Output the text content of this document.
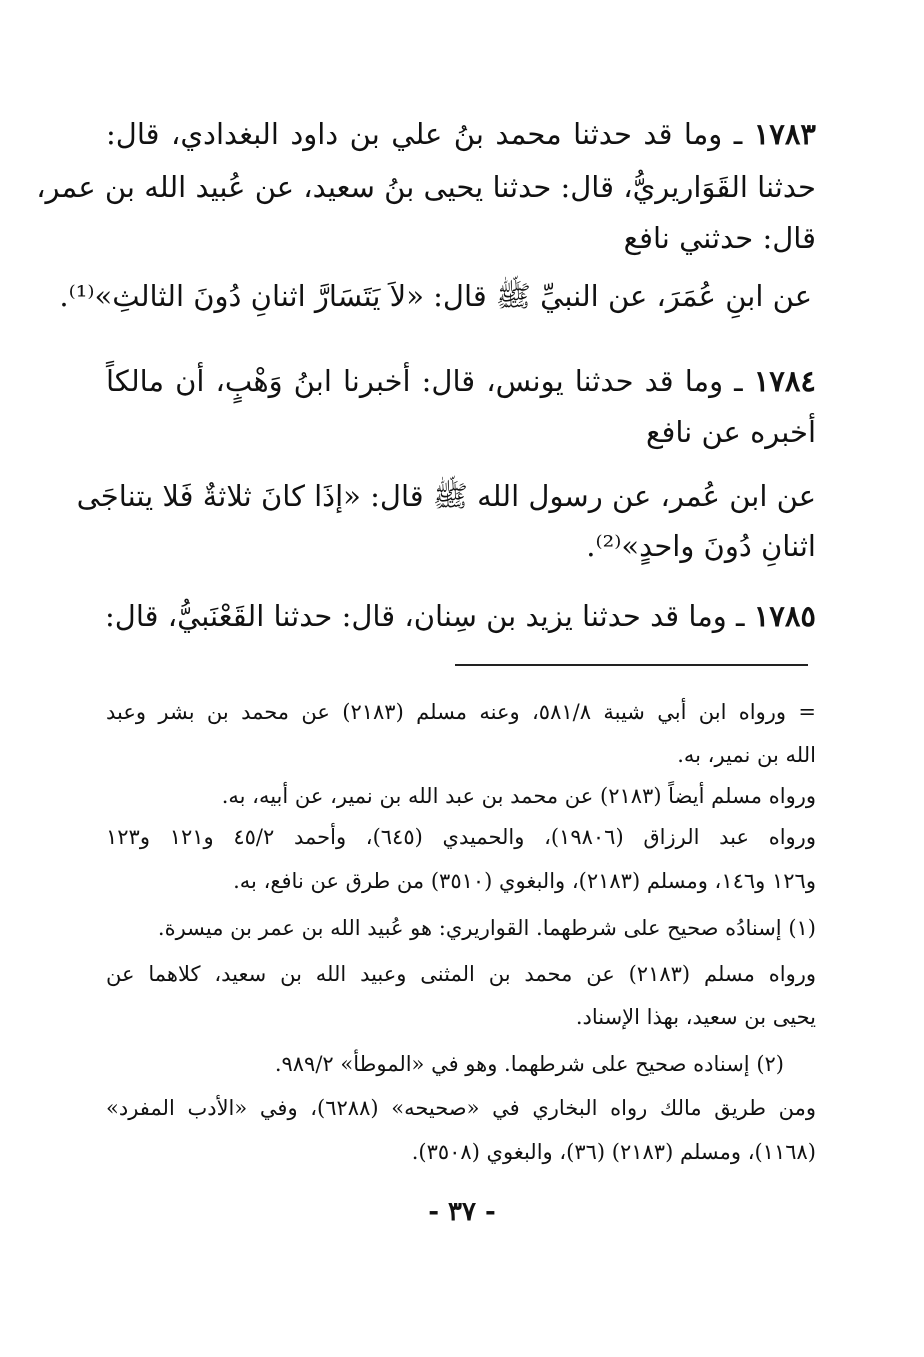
١٧٨٣ ـ وما قد حدثنا محمد بنُ علي بن داود البغدادي، قال:
حدثنا القَوَاريريُّ، قال: حدثنا يحيى بنُ سعيد، عن عُبيد الله بن عمر،
قال: حدثني نافع
عن ابنِ عُمَرَ، عن النبيِّ ﷺ قال: «لاَ يَتَسَارَّ اثنانِ دُونَ الثالثِ»⁽¹⁾.
١٧٨٤ ـ وما قد حدثنا يونس، قال: أخبرنا ابنُ وَهْبٍ، أن مالكاً
أخبره عن نافع
عن ابن عُمر، عن رسول الله ﷺ قال: «إذَا كانَ ثلاثةٌ فَلا يتناجَى
اثنانِ دُونَ واحدٍ»⁽²⁾.
١٧٨٥ ـ وما قد حدثنا يزيد بن سِنان، قال: حدثنا القَعْنَبيُّ، قال:
= ورواه ابن أبي شيبة ٥٨١/٨، وعنه مسلم (٢١٨٣) عن محمد بن بشر وعبد
الله بن نمير، به.
ورواه مسلم أيضاً (٢١٨٣) عن محمد بن عبد الله بن نمير، عن أبيه، به.
ورواه عبد الرزاق (١٩٨٠٦)، والحميدي (٦٤٥)، وأحمد ٤٥/٢ و١٢١ و١٢٣
و١٢٦ و١٤٦، ومسلم (٢١٨٣)، والبغوي (٣٥١٠) من طرق عن نافع، به.
(١) إسنادُه صحيح على شرطهما. القواريري: هو عُبيد الله بن عمر بن ميسرة.
ورواه مسلم (٢١٨٣) عن محمد بن المثنى وعبيد الله بن سعيد، كلاهما عن
يحيى بن سعيد، بهذا الإسناد.
(٢) إسناده صحيح على شرطهما. وهو في «الموطأ» ٩٨٩/٢.
ومن طريق مالك رواه البخاري في «صحيحه» (٦٢٨٨)، وفي «الأدب المفرد»
(١١٦٨)، ومسلم (٢١٨٣) (٣٦)، والبغوي (٣٥٠٨).
- ٣٧ -
